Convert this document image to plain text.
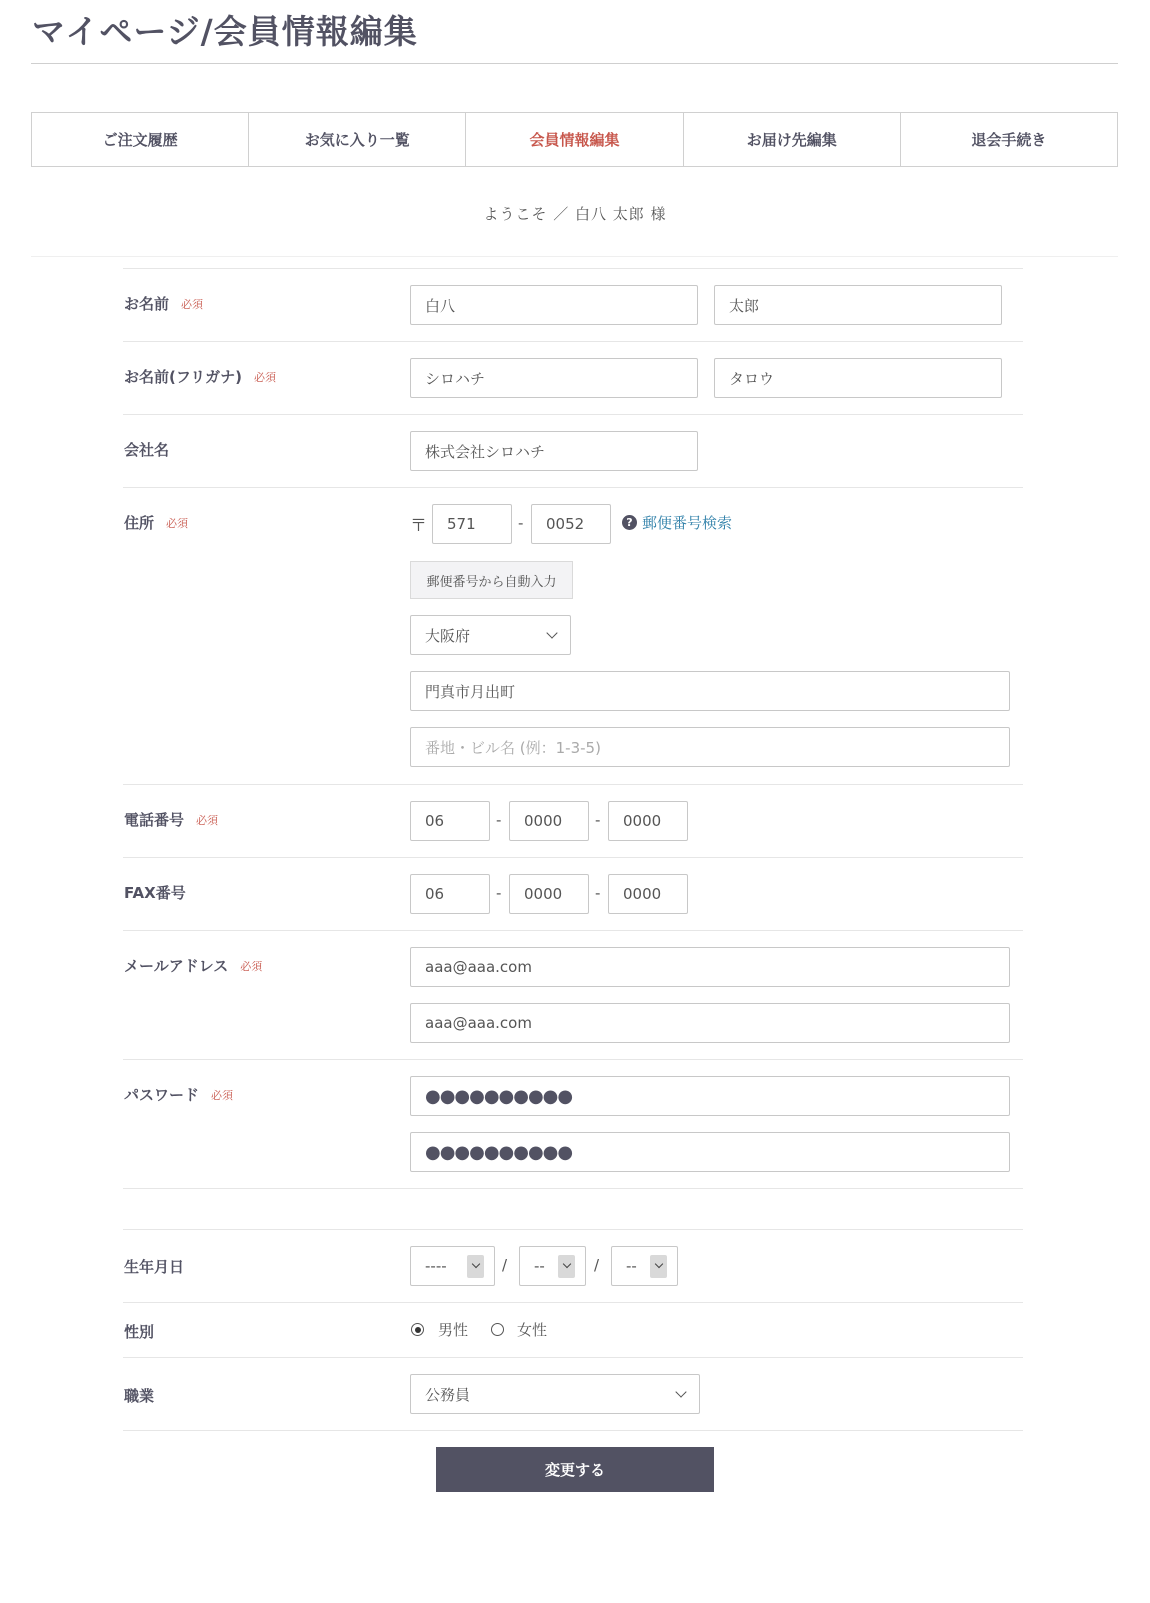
マイページ/会員情報編集
ご注文履歴	お気に入り一覧	会員情報編集	お届け先編集	退会手続き
ようこそ ／ 白八 太郎 様
お名前 必須	白八	太郎
お名前(フリガナ) 必須	シロハチ	タロウ
会社名	株式会社シロハチ
住所 必須	〒	571	-	0052	? 郵便番号検索
郵便番号から自動入力
大阪府
門真市月出町
番地・ビル名 (例：1-3-5)
電話番号 必須	06	-	0000	-	0000
FAX番号	06	-	0000	-	0000
メールアドレス 必須	aaa@aaa.com
aaa@aaa.com
パスワード 必須	●●●●●●●●●●
●●●●●●●●●●
生年月日	----	/ --	/ --
性別	男性	女性
職業	公務員
変更する
